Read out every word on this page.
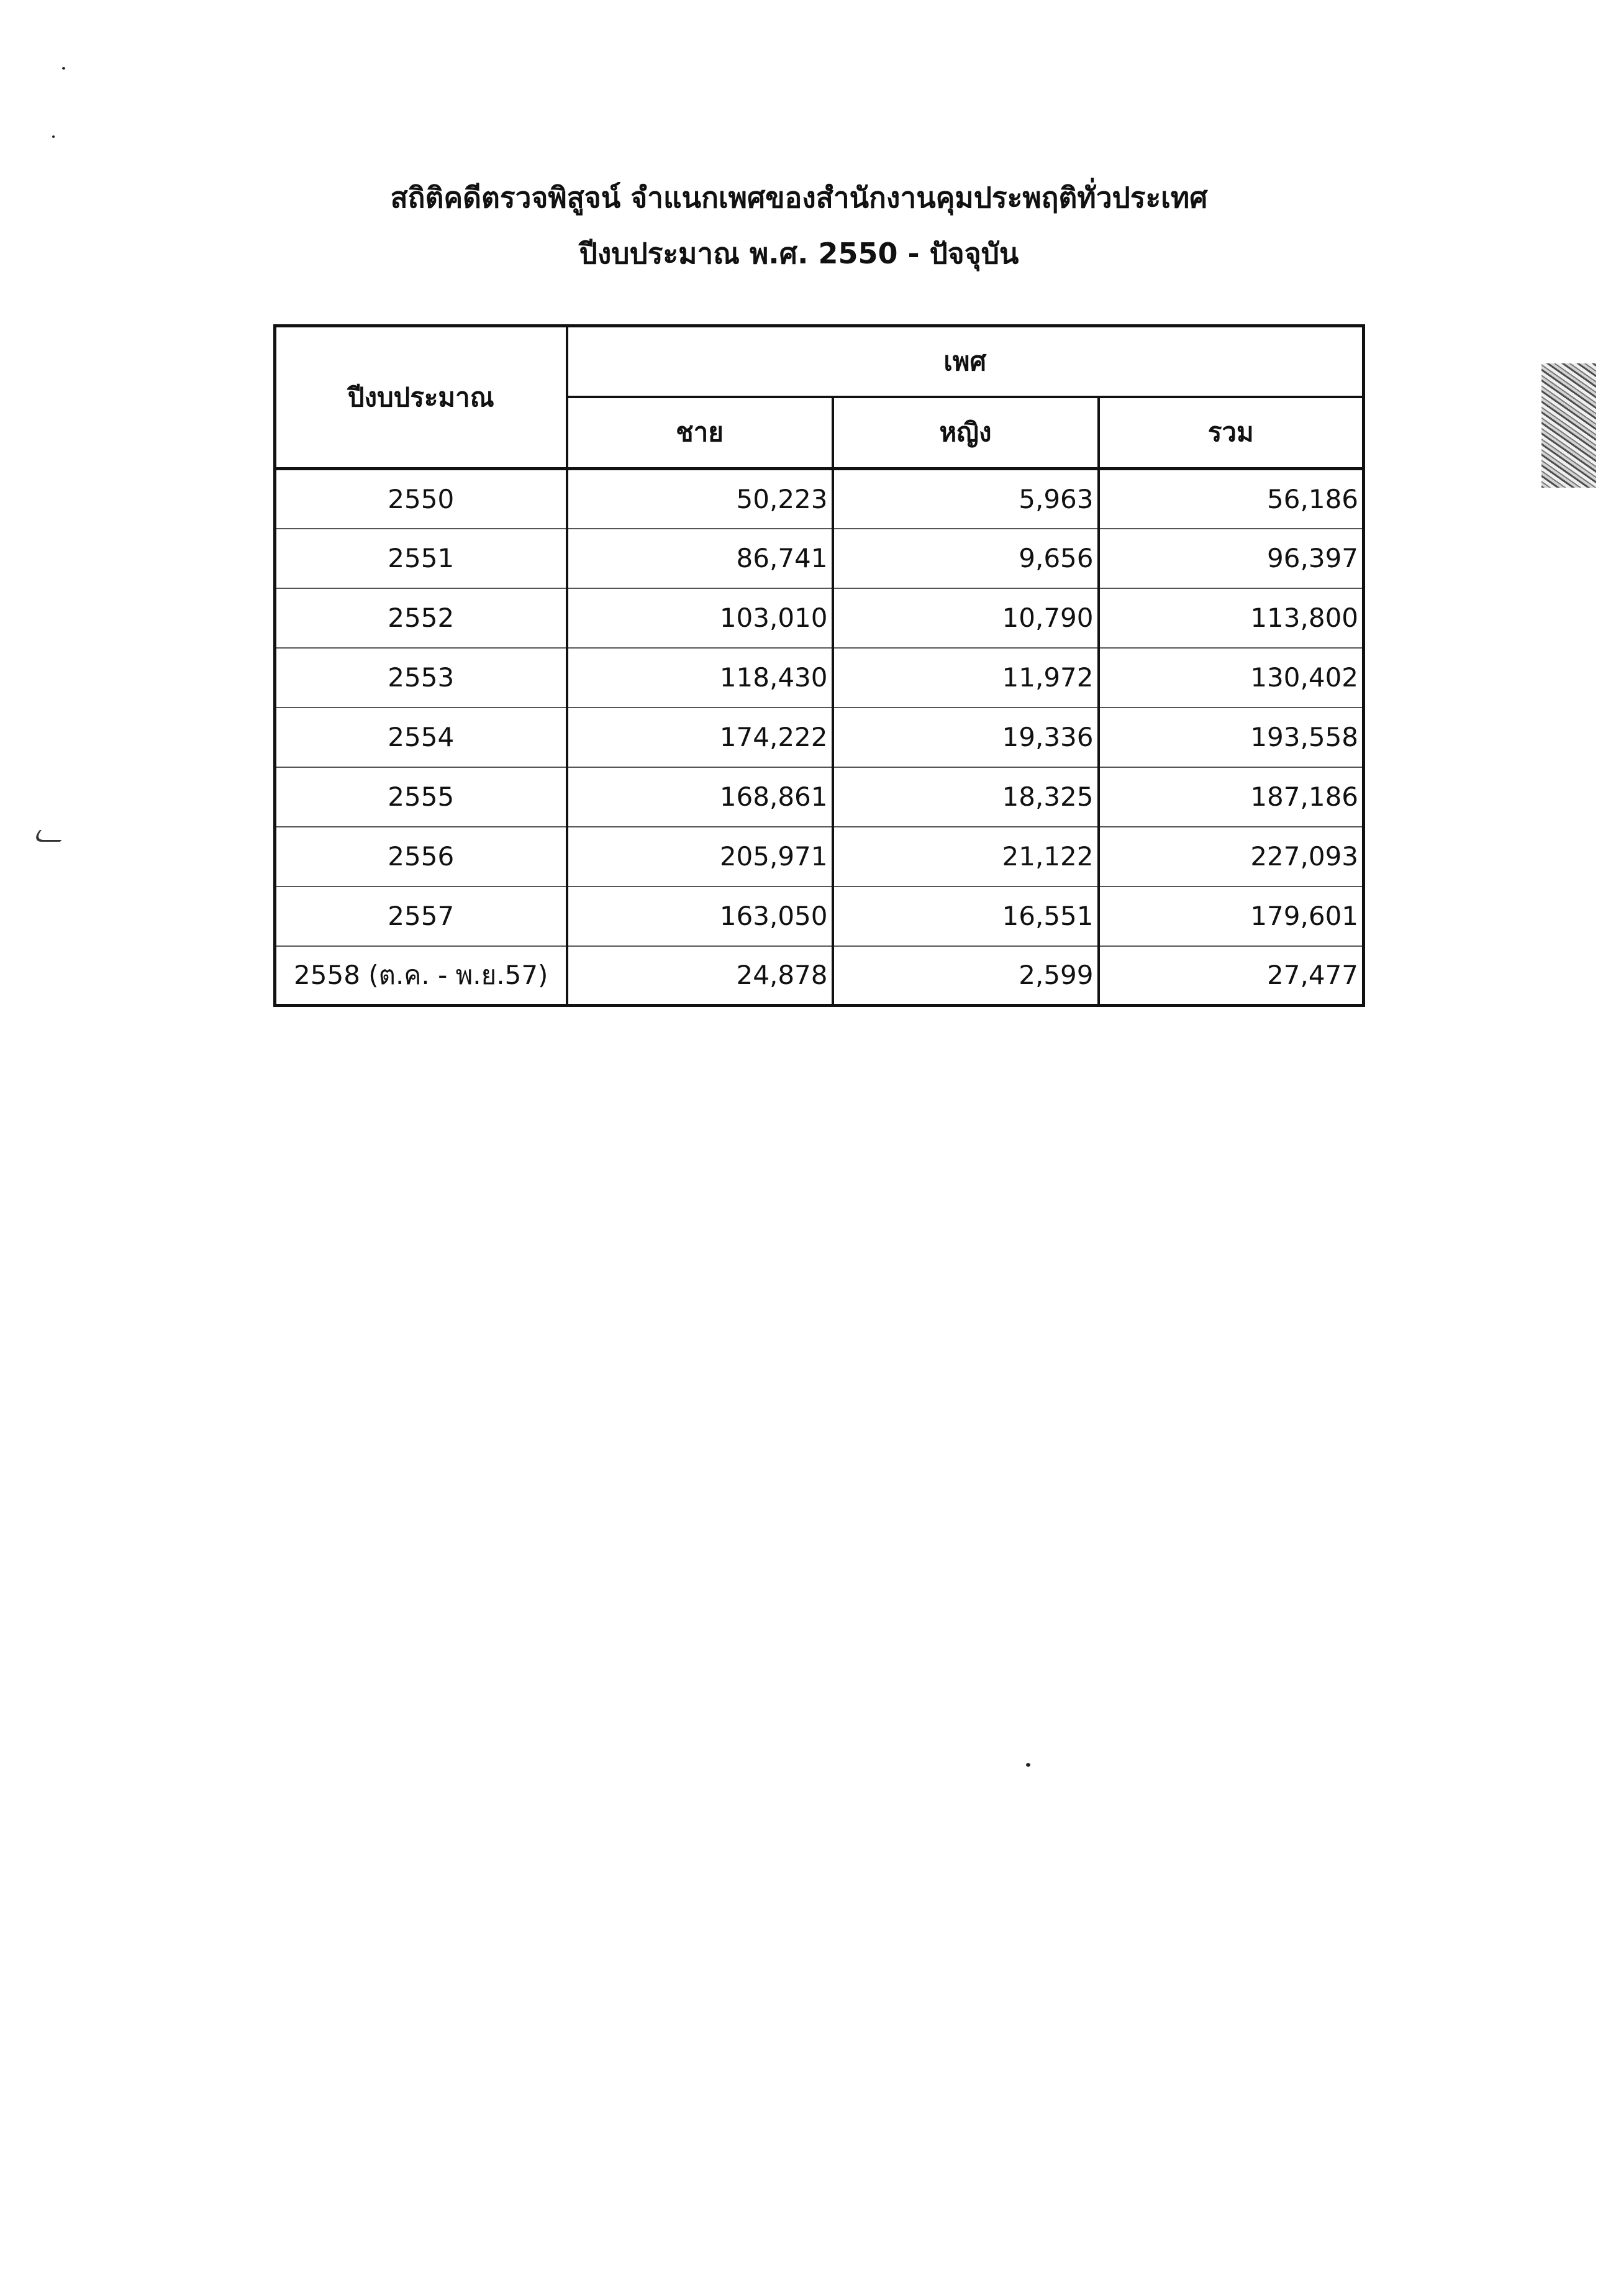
สถิติคดีตรวจพิสูจน์ จำแนกเพศของสำนักงานคุมประพฤติทั่วประเทศ
ปีงบประมาณ พ.ศ. 2550 - ปัจจุบัน
ปีงบประมาณ	เพศ		
	ชาย	หญิง	รวม
2550	50,223	5,963	56,186
2551	86,741	9,656	96,397
2552	103,010	10,790	113,800
2553	118,430	11,972	130,402
2554	174,222	19,336	193,558
2555	168,861	18,325	187,186
2556	205,971	21,122	227,093
2557	163,050	16,551	179,601
2558 (ต.ค. - พ.ย.57)	24,878	2,599	27,477
